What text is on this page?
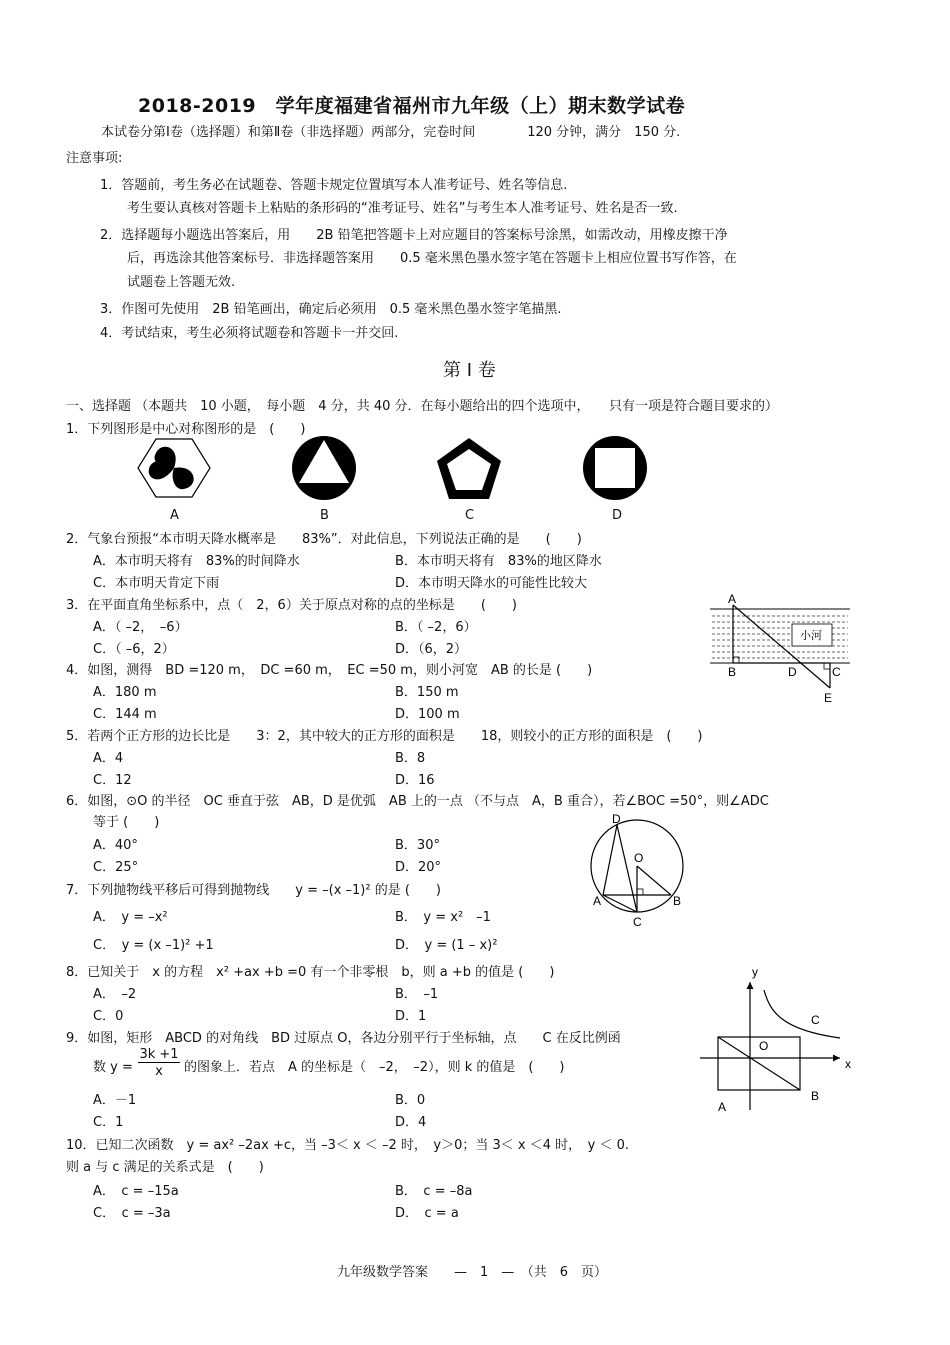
2018-2019　学年度福建省福州市九年级（上）期末数学试卷
本试卷分第Ⅰ卷（选择题）和第Ⅱ卷（非选择题）两部分，完卷时间　　　　120 分钟，满分　150 分.
注意事项:
1．答题前，考生务必在试题卷、答题卡规定位置填写本人准考证号、姓名等信息.
考生要认真核对答题卡上粘贴的条形码的“准考证号、姓名”与考生本人准考证号、姓名是否一致.
2．选择题每小题选出答案后，用　　2B 铅笔把答题卡上对应题目的答案标号涂黑，如需改动，用橡皮擦干净
后，再选涂其他答案标号．非选择题答案用　　0.5 毫米黑色墨水签字笔在答题卡上相应位置书写作答，在
试题卷上答题无效.
3．作图可先使用　2B 铅笔画出，确定后必须用　0.5 毫米黑色墨水签字笔描黑.
4．考试结束，考生必须将试题卷和答题卡一并交回.
第 I 卷
一、选择题 （本题共　10 小题，　每小题　4 分，共 40 分．在每小题给出的四个选项中，　　只有一项是符合题目要求的）
1．下列图形是中心对称图形的是　(　　)
A	B	C	D
2．气象台预报“本市明天降水概率是　　83%”．对此信息，下列说法正确的是　　(　　)
A．本市明天将有　83%的时间降水	B．本市明天将有　83%的地区降水
C．本市明天肯定下雨	D．本市明天降水的可能性比较大
3．在平面直角坐标系中，点（　2，6）关于原点对称的点的坐标是　　(　　)
A．（ –2，　–6）	B．（ –2，6）
C．（ –6，2）	D．（6，2）
小河
A
B	D	C
E
4．如图，测得　BD =120 m，　DC =60 m，　EC =50 m，则小河宽　AB 的长是 (　　)
A．180 m	B．150 m
C．144 m	D．100 m
5．若两个正方形的边长比是　　3：2，其中较大的正方形的面积是　　18，则较小的正方形的面积是　(　　)
A．4	B．8
C．12	D．16
6．如图，⊙O 的半径　OC 垂直于弦　AB，D 是优弧　AB 上的一点 （不与点　A，B 重合），若∠BOC =50°，则∠ADC
等于 (　　)
A．40°	B．30°
C．25°	D．20°
D
O
A	B
C
7．下列抛物线平移后可得到抛物线　　y = –(x –1)² 的是 (　　)
A．　y = –x²	B．　y = x²　–1
C．　y = (x –1)² +1	D．　y = (1 – x)²
8．已知关于　x 的方程　x² +ax +b =0 有一个非零根　b，则 a +b 的值是 (　　)
A．　–2	B．　–1
C．0	D．1
9．如图，矩形　ABCD 的对角线　BD 过原点 O，各边分别平行于坐标轴，点　　C 在反比例函
数 y =
3k +1
x	的图象上．若点　A 的坐标是（　–2，　–2），则 k 的值是　(　　)
A．－1	B．0
C．1	D．4
y
x
O
A
B
C
10．已知二次函数　y = ax² –2ax +c，当 –3＜ x ＜ –2 时，　y＞0；当 3＜ x ＜4 时，　y ＜ 0.
则 a 与 c 满足的关系式是　(　　)
A．　c = –15a	B．　c = –8a
C．　c = –3a	D．　c = a
九年级数学答案　　—　1　—　（共　6　页）
